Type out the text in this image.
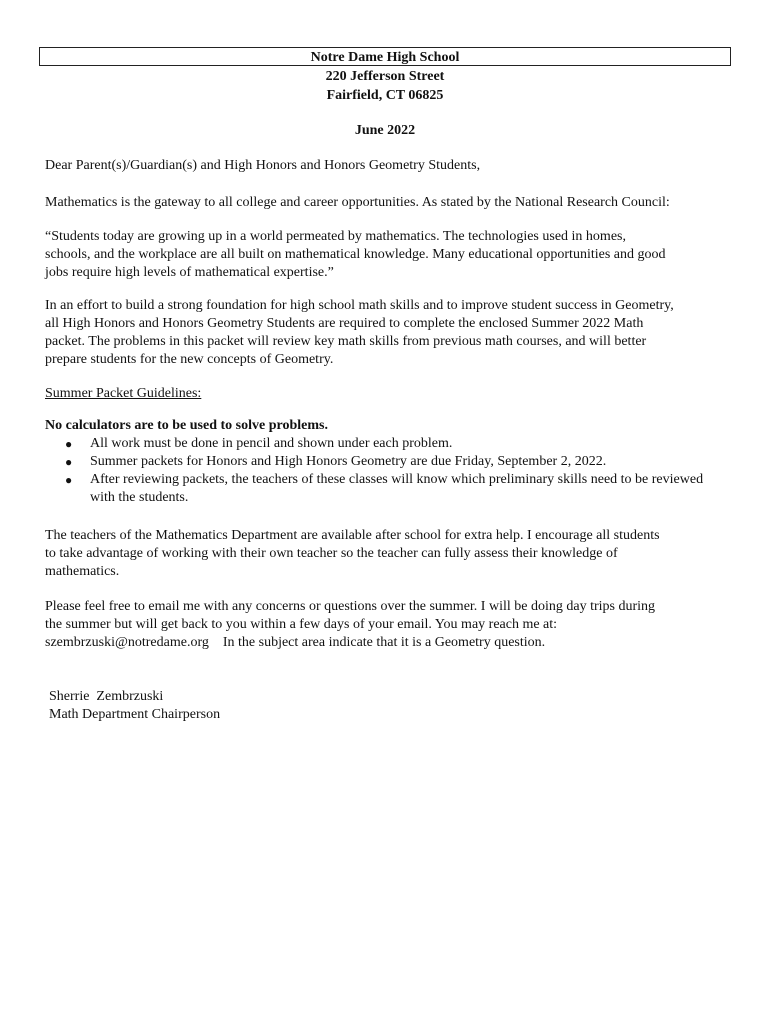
Notre Dame High School
220 Jefferson Street
Fairfield, CT 06825
June 2022
Dear Parent(s)/Guardian(s) and High Honors and Honors Geometry Students,
Mathematics is the gateway to all college and career opportunities. As stated by the National Research Council:
“Students today are growing up in a world permeated by mathematics. The technologies used in homes,
schools, and the workplace are all built on mathematical knowledge. Many educational opportunities and good
jobs require high levels of mathematical expertise.”
In an effort to build a strong foundation for high school math skills and to improve student success in Geometry,
all High Honors and Honors Geometry Students are required to complete the enclosed Summer 2022 Math
packet. The problems in this packet will review key math skills from previous math courses, and will better
prepare students for the new concepts of Geometry.
Summer Packet Guidelines:
No calculators are to be used to solve problems.
● All work must be done in pencil and shown under each problem.
● Summer packets for Honors and High Honors Geometry are due Friday, September 2, 2022.
● After reviewing packets, the teachers of these classes will know which preliminary skills need to be reviewed with the students.
The teachers of the Mathematics Department are available after school for extra help. I encourage all students
to take advantage of working with their own teacher so the teacher can fully assess their knowledge of
mathematics.
Please feel free to email me with any concerns or questions over the summer. I will be doing day trips during
the summer but will get back to you within a few days of your email. You may reach me at:
szembrzuski@notredame.org    In the subject area indicate that it is a Geometry question.
Sherrie  Zembrzuski
Math Department Chairperson
